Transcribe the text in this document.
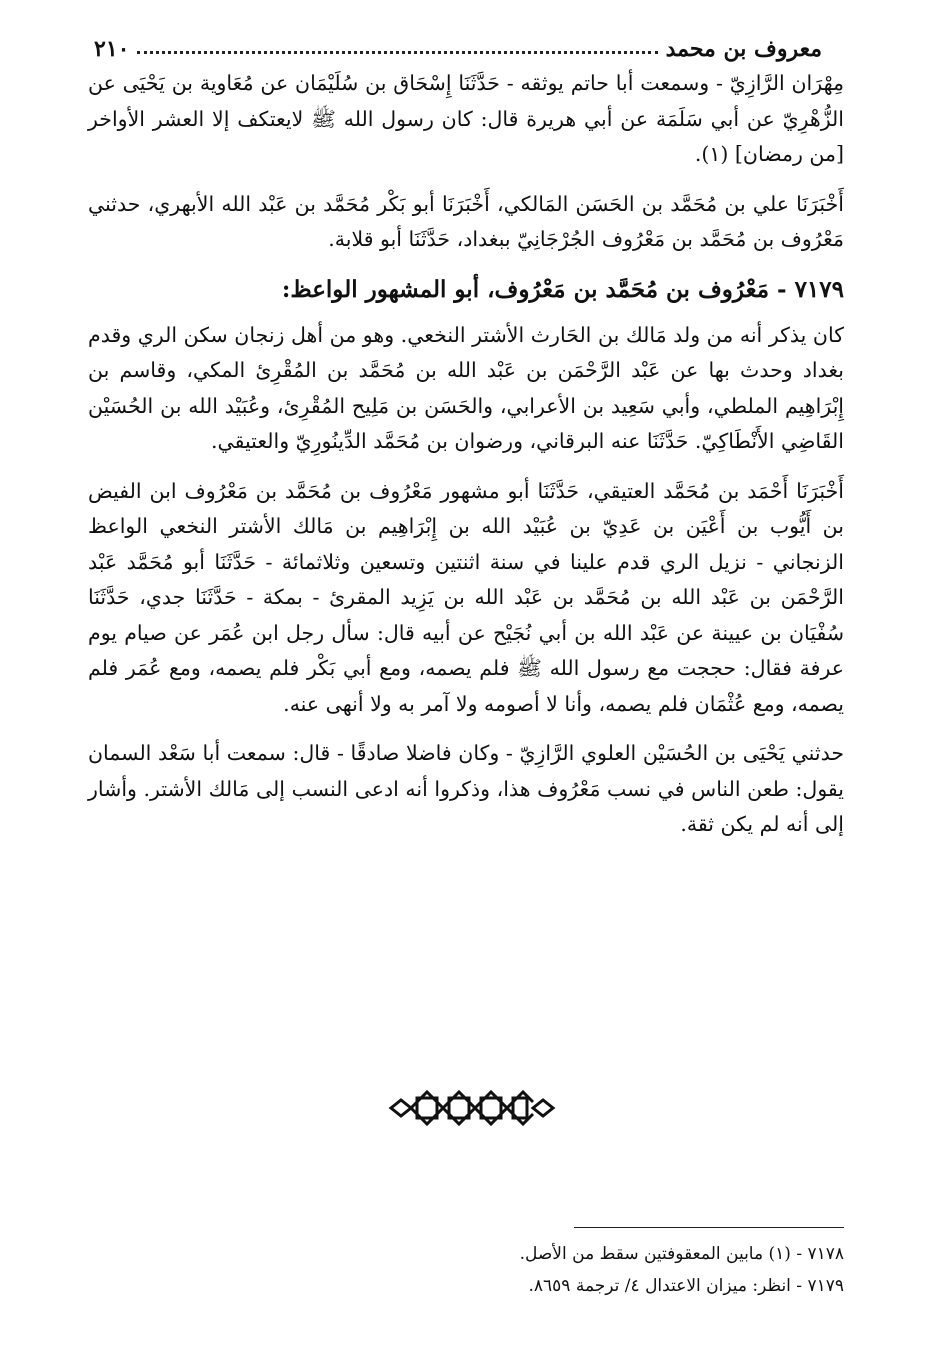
معروف بن محمد
٢١٠

مِهْرَان الرَّازِيّ - وسمعت أبا حاتم يوثقه - حَدَّثَنَا إِسْحَاق بن سُلَيْمَان عن مُعَاوية بن يَحْيَى عن الزُّهْرِيّ عن أبي سَلَمَة عن أبي هريرة قال: كان رسول الله ﷺ لايعتكف إلا العشر الأواخر [من رمضان] (١).

أَخْبَرَنَا علي بن مُحَمَّد بن الحَسَن المَالكي، أَخْبَرَنَا أبو بَكْر مُحَمَّد بن عَبْد الله الأبهري، حدثني مَعْرُوف بن مُحَمَّد بن مَعْرُوف الجُرْجَانِيّ ببغداد، حَدَّثَنَا أبو قلابة.

٧١٧٩ - مَعْرُوف بن مُحَمَّد بن مَعْرُوف، أبو المشهور الواعظ:

كان يذكر أنه من ولد مَالك بن الحَارث الأشتر النخعي. وهو من أهل زنجان سكن الري وقدم بغداد وحدث بها عن عَبْد الرَّحْمَن بن عَبْد الله بن مُحَمَّد بن المُقْرِئ المكي، وقاسم بن إِبْرَاهِيم الملطي، وأبي سَعِيد بن الأعرابي، والحَسَن بن مَلِيح المُقْرِئ، وعُبَيْد الله بن الحُسَيْن القَاضِي الأَنْطَاكِيّ. حَدَّثَنَا عنه البرقاني، ورضوان بن مُحَمَّد الدِّينُورِيّ والعتيقي.

أَخْبَرَنَا أَحْمَد بن مُحَمَّد العتيقي، حَدَّثَنَا أبو مشهور مَعْرُوف بن مُحَمَّد بن مَعْرُوف ابن الفيض بن أَيُّوب بن أَعْيَن بن عَدِيّ بن عُبَيْد الله بن إِبْرَاهِيم بن مَالك الأشتر النخعي الواعظ الزنجاني - نزيل الري قدم علينا في سنة اثنتين وتسعين وثلاثمائة - حَدَّثَنَا أبو مُحَمَّد عَبْد الرَّحْمَن بن عَبْد الله بن مُحَمَّد بن عَبْد الله بن يَزِيد المقرئ - بمكة - حَدَّثَنَا جدي، حَدَّثَنَا سُفْيَان بن عيينة عن عَبْد الله بن أبي نُجَيْح عن أبيه قال: سأل رجل ابن عُمَر عن صيام يوم عرفة فقال: حججت مع رسول الله ﷺ فلم يصمه، ومع أبي بَكْر فلم يصمه، ومع عُمَر فلم يصمه، ومع عُثْمَان فلم يصمه، وأنا لا أصومه ولا آمر به ولا أنهى عنه.

حدثني يَحْيَى بن الحُسَيْن العلوي الرَّازِيّ - وكان فاضلا صادقًا - قال: سمعت أبا سَعْد السمان يقول: طعن الناس في نسب مَعْرُوف هذا، وذكروا أنه ادعى النسب إلى مَالك الأشتر. وأشار إلى أنه لم يكن ثقة.

٧١٧٨ - (١) مابين المعقوفتين سقط من الأصل.

٧١٧٩ - انظر: ميزان الاعتدال ٤/ ترجمة ٨٦٥٩.
